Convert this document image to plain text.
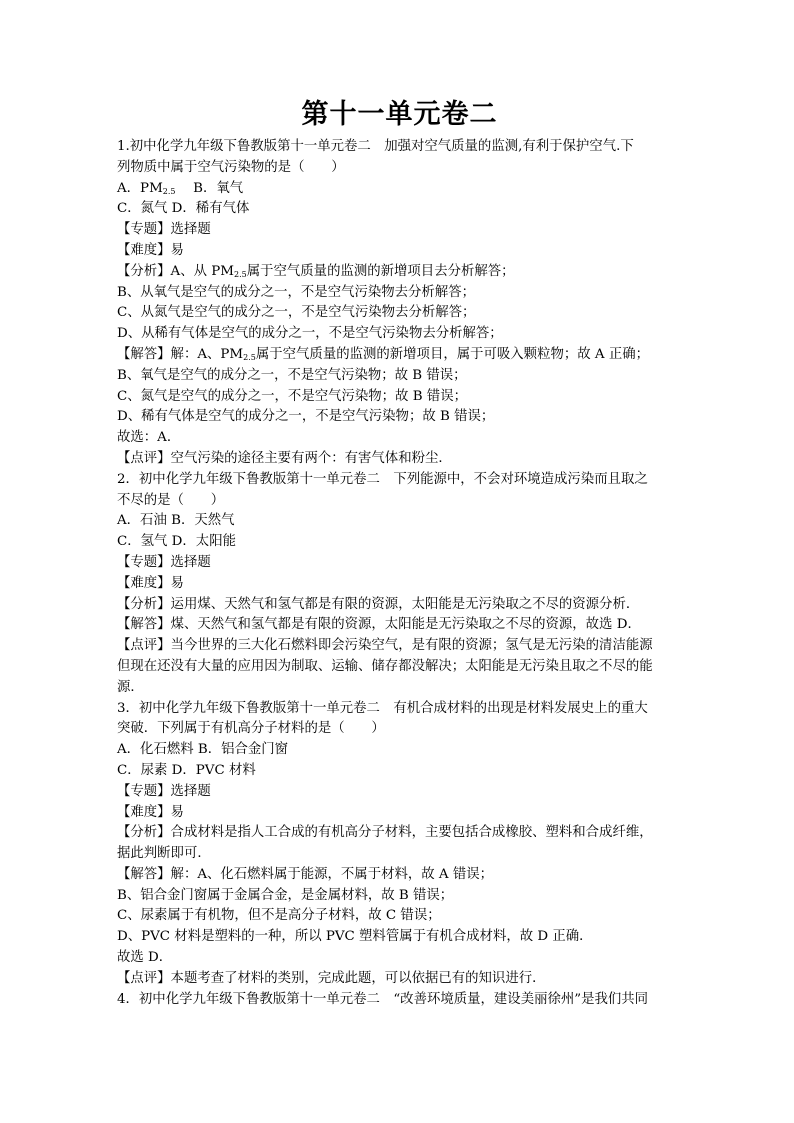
第十一单元卷二
1.初中化学九年级下鲁教版第十一单元卷二　加强对空气质量的监测,有利于保护空气.下
列物质中属于空气污染物的是（　　）
A．$PM_{2.5}$　 B．氧气
C．氮气 D．稀有气体
【专题】选择题
【难度】易
【分析】A、从 $PM_{2.5}$属于空气质量的监测的新增项目去分析解答；
B、从氧气是空气的成分之一，不是空气污染物去分析解答；
C、从氮气是空气的成分之一，不是空气污染物去分析解答；
D、从稀有气体是空气的成分之一，不是空气污染物去分析解答；
【解答】解：A、$PM_{2.5}$属于空气质量的监测的新增项目，属于可吸入颗粒物；故 A 正确；
B、氧气是空气的成分之一，不是空气污染物；故 B 错误；
C、氮气是空气的成分之一，不是空气污染物；故 B 错误；
D、稀有气体是空气的成分之一，不是空气污染物；故 B 错误；
故选：A．
【点评】空气污染的途径主要有两个：有害气体和粉尘．
2．初中化学九年级下鲁教版第十一单元卷二　下列能源中，不会对环境造成污染而且取之
不尽的是（　　）
A．石油 B．天然气
C．氢气 D．太阳能
【专题】选择题
【难度】易
【分析】运用煤、天然气和氢气都是有限的资源，太阳能是无污染取之不尽的资源分析．
【解答】煤、天然气和氢气都是有限的资源，太阳能是无污染取之不尽的资源，故选 D．
【点评】当今世界的三大化石燃料即会污染空气，是有限的资源；氢气是无污染的清洁能源
但现在还没有大量的应用因为制取、运输、储存都没解决；太阳能是无污染且取之不尽的能
源．
3．初中化学九年级下鲁教版第十一单元卷二　有机合成材料的出现是材料发展史上的重大
突破．下列属于有机高分子材料的是（　　）
A．化石燃料 B．铝合金门窗
C．尿素 D．PVC 材料
【专题】选择题
【难度】易
【分析】合成材料是指人工合成的有机高分子材料，主要包括合成橡胶、塑料和合成纤维，
据此判断即可．
【解答】解：A、化石燃料属于能源，不属于材料，故 A 错误；
B、铝合金门窗属于金属合金，是金属材料，故 B 错误；
C、尿素属于有机物，但不是高分子材料，故 C 错误；
D、PVC 材料是塑料的一种，所以 PVC 塑料管属于有机合成材料，故 D 正确．
故选 D．
【点评】本题考查了材料的类别，完成此题，可以依据已有的知识进行．
4．初中化学九年级下鲁教版第十一单元卷二　“改善环境质量，建设美丽徐州”是我们共同
